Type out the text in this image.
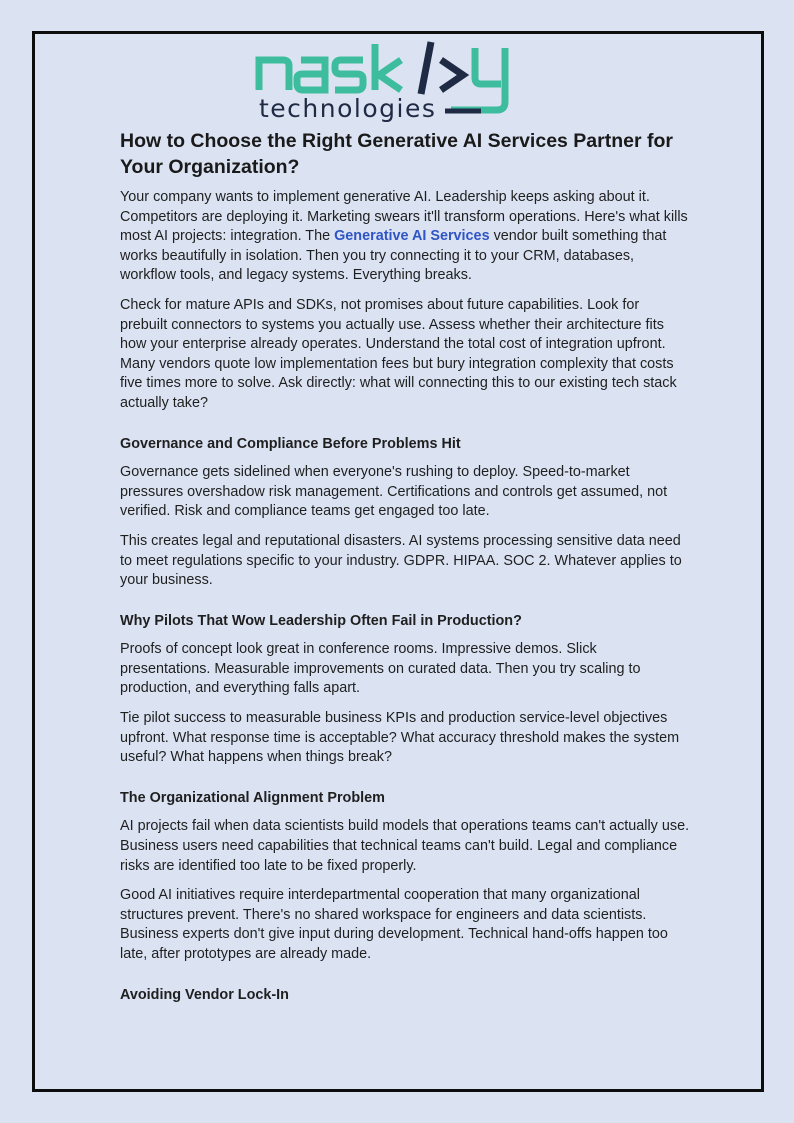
technologies
How to Choose the Right Generative AI Services Partner for Your Organization?

Your company wants to implement generative AI. Leadership keeps asking about it. Competitors are deploying it. Marketing swears it'll transform operations. Here's what kills most AI projects: integration. The Generative AI Services vendor built something that works beautifully in isolation. Then you try connecting it to your CRM, databases, workflow tools, and legacy systems. Everything breaks.

Check for mature APIs and SDKs, not promises about future capabilities. Look for prebuilt connectors to systems you actually use. Assess whether their architecture fits how your enterprise already operates. Understand the total cost of integration upfront. Many vendors quote low implementation fees but bury integration complexity that costs five times more to solve. Ask directly: what will connecting this to our existing tech stack actually take?

Governance and Compliance Before Problems Hit

Governance gets sidelined when everyone's rushing to deploy. Speed-to-market pressures overshadow risk management. Certifications and controls get assumed, not verified. Risk and compliance teams get engaged too late.

This creates legal and reputational disasters. AI systems processing sensitive data need to meet regulations specific to your industry. GDPR. HIPAA. SOC 2. Whatever applies to your business.

Why Pilots That Wow Leadership Often Fail in Production?

Proofs of concept look great in conference rooms. Impressive demos. Slick presentations. Measurable improvements on curated data. Then you try scaling to production, and everything falls apart.

Tie pilot success to measurable business KPIs and production service-level objectives upfront. What response time is acceptable? What accuracy threshold makes the system useful? What happens when things break?

The Organizational Alignment Problem

AI projects fail when data scientists build models that operations teams can't actually use. Business users need capabilities that technical teams can't build. Legal and compliance risks are identified too late to be fixed properly.

Good AI initiatives require interdepartmental cooperation that many organizational structures prevent. There's no shared workspace for engineers and data scientists. Business experts don't give input during development. Technical hand-offs happen too late, after prototypes are already made.

Avoiding Vendor Lock-In
